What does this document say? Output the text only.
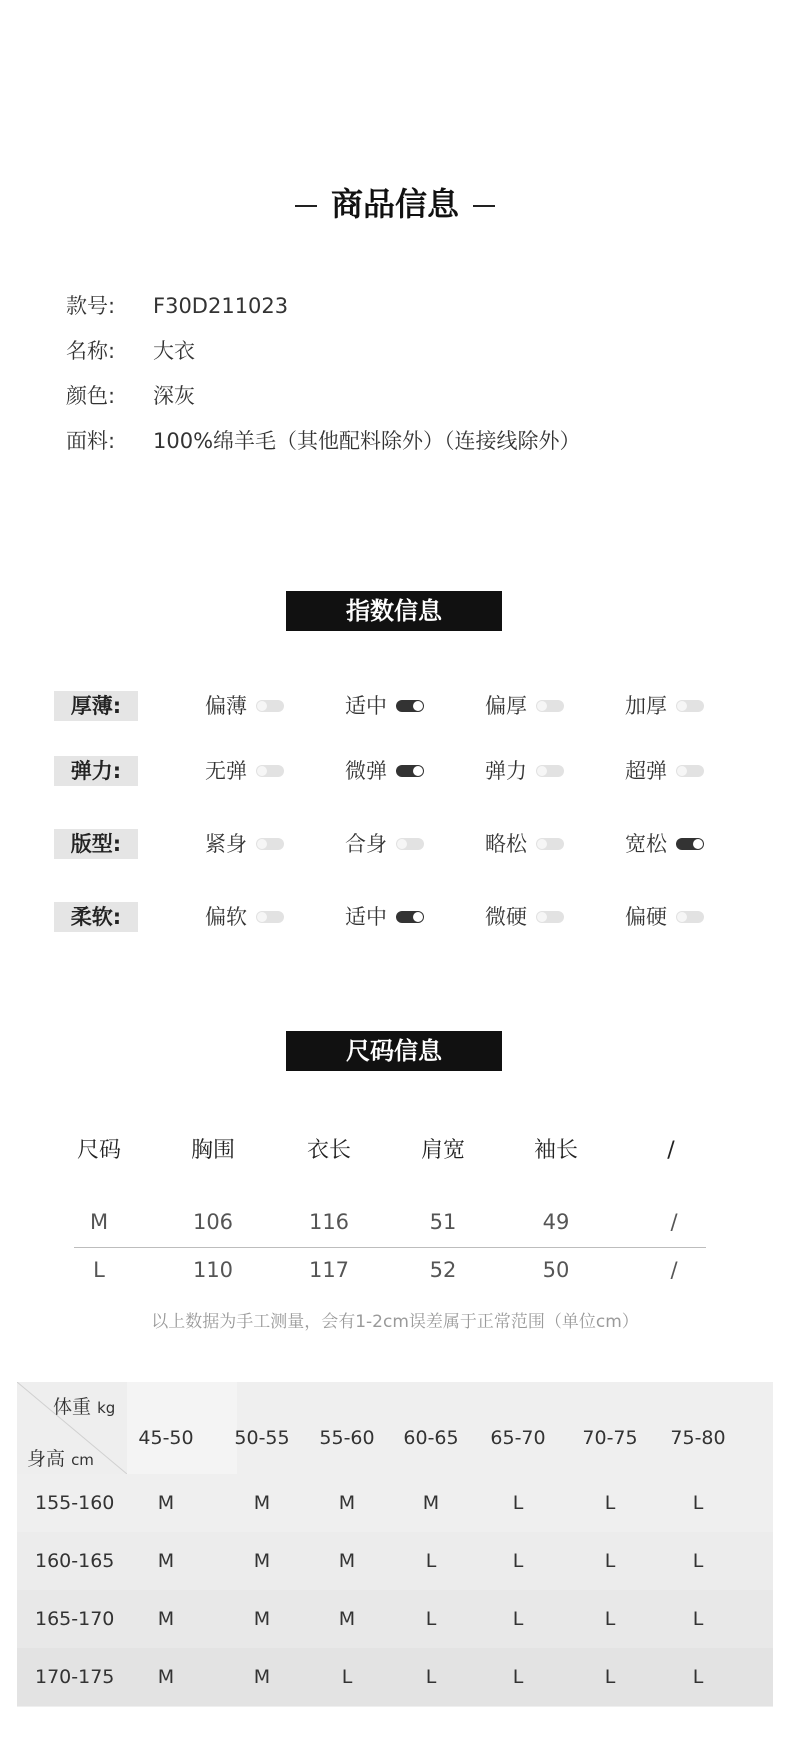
商品信息
款号: F30D211023
名称: 大衣
颜色: 深灰
面料: 100%绵羊毛（其他配料除外）（连接线除外）
指数信息
厚薄:	偏薄	适中	偏厚	加厚
弹力:	无弹	微弹	弹力	超弹
版型:	紧身	合身	略松	宽松
柔软:	偏软	适中	微硬	偏硬
尺码信息
尺码	胸围	衣长	肩宽	袖长	/
M	106	116	51	49	/
L	110	117	52	50	/
以上数据为手工测量，会有1-2cm误差属于正常范围（单位cm）
体重 kg
身高 cm
45-50	50-55	55-60	60-65	65-70	70-75	75-80
155-160	M	M	M	M	L	L	L
160-165	M	M	M	L	L	L	L
165-170	M	M	M	L	L	L	L
170-175	M	M	L	L	L	L	L
